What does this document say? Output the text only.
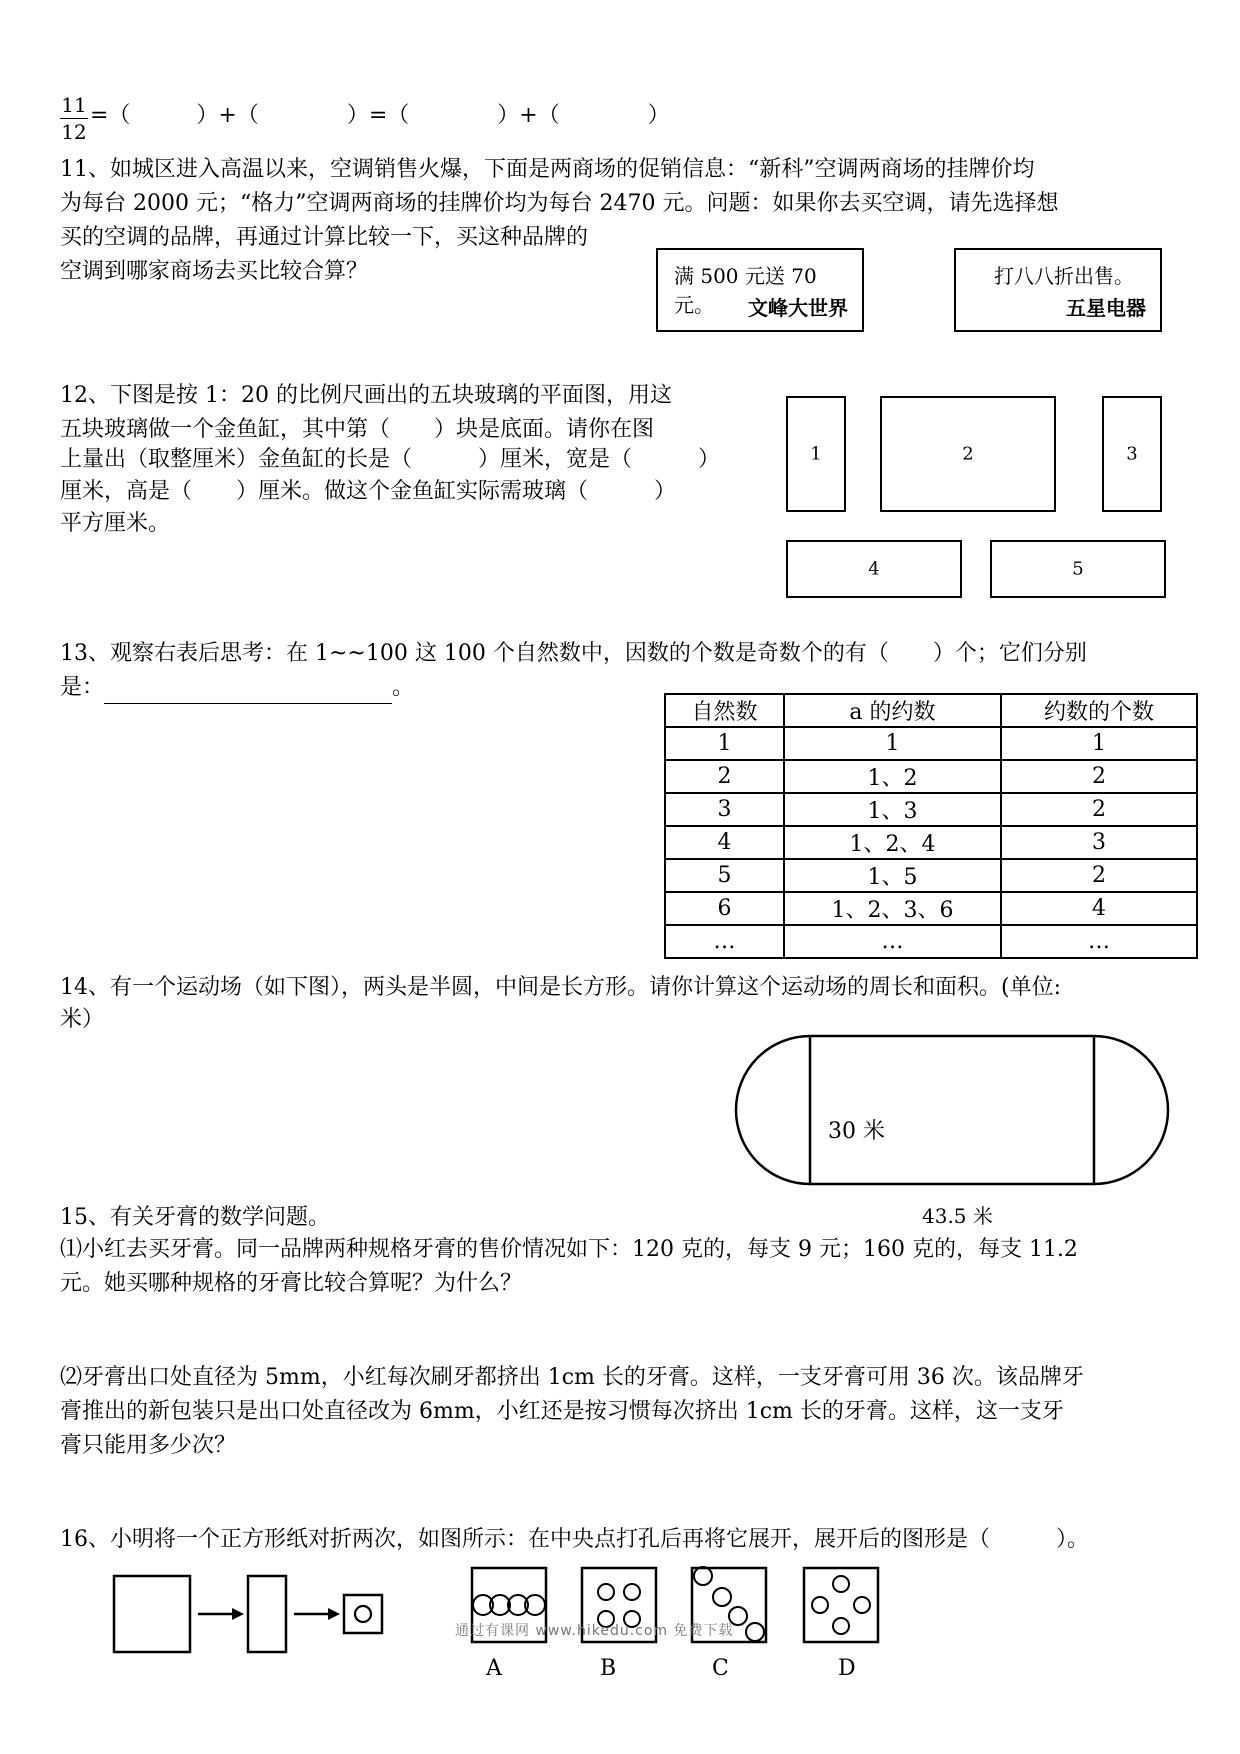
$\frac{11}{12}$ =（　　　）+（　　　　）=（　　　　）+（　　　　）
11、如城区进入高温以来，空调销售火爆，下面是两商场的促销信息：“新科”空调两商场的挂牌价均
为每台 2000 元；“格力”空调两商场的挂牌价均为每台 2470 元。问题：如果你去买空调，请先选择想
买的空调的品牌，再通过计算比较一下，买这种品牌的
空调到哪家商场去买比较合算？	满 500 元送 70 元。	文峰大世界
打八八折出售。
五星电器
12、下图是按 1：20 的比例尺画出的五块玻璃的平面图，用这
五块玻璃做一个金鱼缸，其中第（　　）块是底面。请你在图
上量出（取整厘米）金鱼缸的长是（　　　）厘米，宽是（　　　）
厘米，高是（　　）厘米。做这个金鱼缸实际需玻璃（　　　）
平方厘米。
1	2	3
4	5
13、观察右表后思考：在 1~~100 这 100 个自然数中，因数的个数是奇数个的有（　　）个；它们分别
是：	。
自然数	a 的约数	约数的个数
1	1	1
2	1、2	2
3	1、3	2
4	1、2、4	3
5	1、5	2
6	1、2、3、6	4
…	…	…
14、有一个运动场（如下图），两头是半圆，中间是长方形。请你计算这个运动场的周长和面积。(单位:
米）
30 米
43.5 米
15、有关牙膏的数学问题。
⑴小红去买牙膏。同一品牌两种规格牙膏的售价情况如下：120 克的，每支 9 元；160 克的，每支 11.2
元。她买哪种规格的牙膏比较合算呢？为什么？
⑵牙膏出口处直径为 5mm，小红每次刷牙都挤出 1cm 长的牙膏。这样，一支牙膏可用 36 次。该品牌牙
膏推出的新包装只是出口处直径改为 6mm，小红还是按习惯每次挤出 1cm 长的牙膏。这样，这一支牙
膏只能用多少次？
16、小明将一个正方形纸对折两次，如图所示：在中央点打孔后再将它展开，展开后的图形是（　　　）。
A	B	C	D
通过有课网 www.hikedu.com 免费下载
